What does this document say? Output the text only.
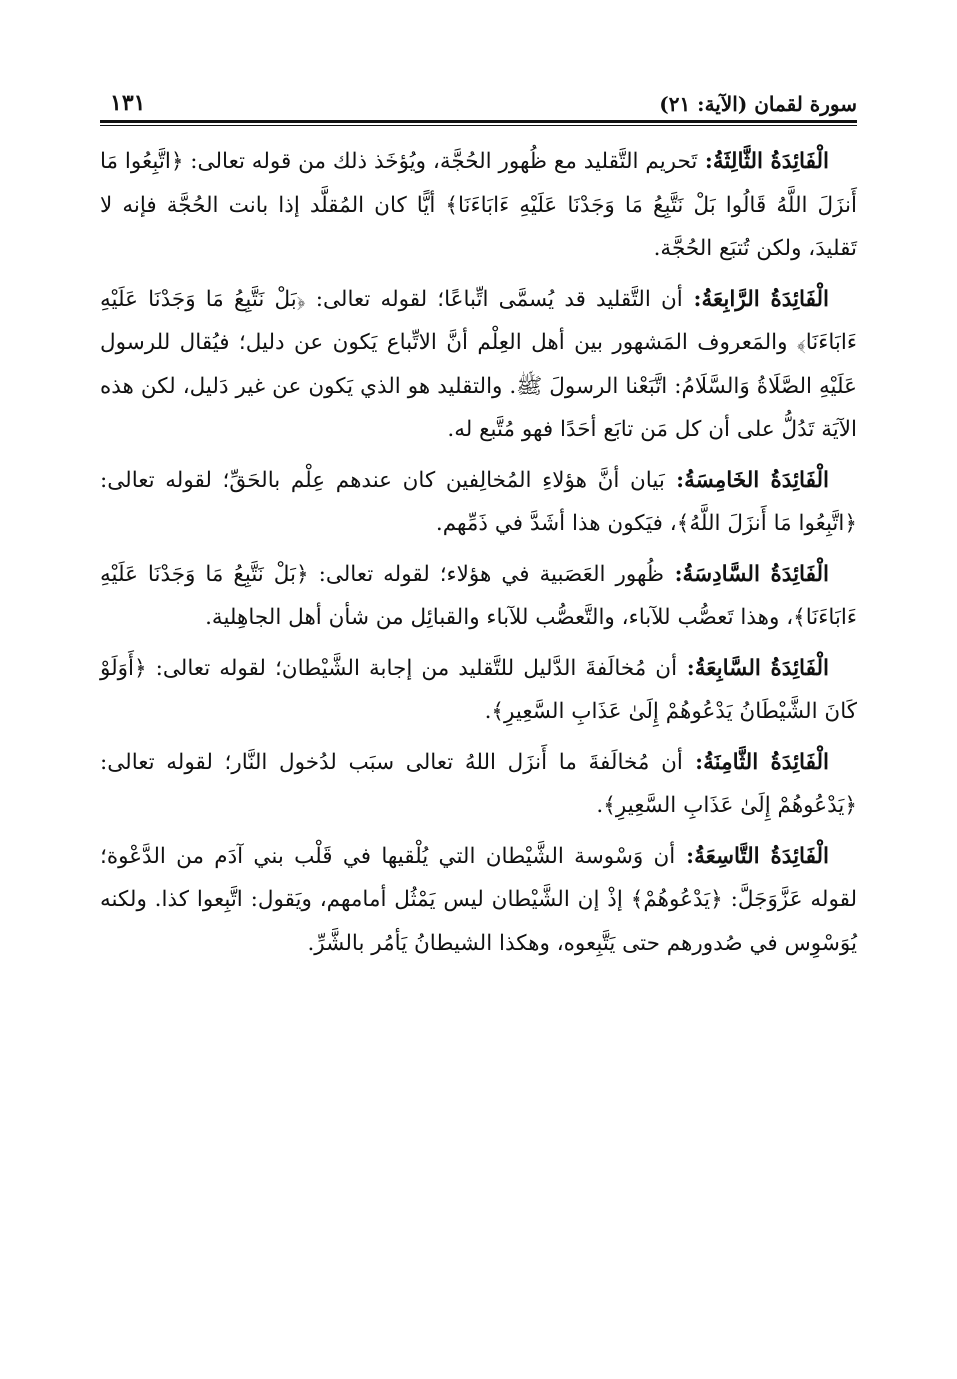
سورة لقمان (الآية: ٢١)
١٣١

الْفَائِدَةُ الثَّالِثَةُ: تَحريم التَّقليد مع ظُهور الحُجَّة، ويُؤخَذ ذلك من قوله تعالى: ﴿اتَّبِعُوا مَا أَنزَلَ اللَّهُ قَالُوا بَلْ نَتَّبِعُ مَا وَجَدْنَا عَلَيْهِ ءَابَاءَنَا﴾ أيًّا كان المُقلَّد إذا بانت الحُجَّة فإنه لا تَقليدَ، ولكن تُتبَع الحُجَّة.

الْفَائِدَةُ الرَّابِعَةُ: أن التَّقليد قد يُسمَّى اتِّباعًا؛ لقوله تعالى: ﴿بَلْ نَتَّبِعُ مَا وَجَدْنَا عَلَيْهِ ءَابَاءَنَا﴾ والمَعروف المَشهور بين أهل العِلْم أنَّ الاتِّباع يَكون عن دليل؛ فيُقال للرسول عَلَيْهِ الصَّلَاةُ وَالسَّلَامُ: اتَّبَعْنا الرسولَ ﷺ. والتقليد هو الذي يَكون عن غير دَليل، لكن هذه الآيَة تَدُلُّ على أن كل مَن تابَع أحَدًا فهو مُتَّبع له.

الْفَائِدَةُ الخَامِسَةُ: بَيان أنَّ هؤلاءِ المُخالِفين كان عندهم عِلْم بالحَقِّ؛ لقوله تعالى: ﴿اتَّبِعُوا مَا أَنزَلَ اللَّهُ﴾، فيَكون هذا أشَدَّ في ذَمِّهم.

الْفَائِدَةُ السَّادِسَةُ: ظُهور العَصَبية في هؤلاء؛ لقوله تعالى: ﴿بَلْ نَتَّبِعُ مَا وَجَدْنَا عَلَيْهِ ءَابَاءَنَا﴾، وهذا تَعصُّب للآباء، والتَّعصُّب للآباء والقبائِل من شأن أهل الجاهِلية.

الْفَائِدَةُ السَّابِعَةُ: أن مُخالَفةَ الدَّليل للتَّقليد من إجابة الشَّيْطان؛ لقوله تعالى: ﴿أَوَلَوْ كَانَ الشَّيْطَانُ يَدْعُوهُمْ إِلَىٰ عَذَابِ السَّعِيرِ﴾.

الْفَائِدَةُ الثَّامِنَةُ: أن مُخالَفةَ ما أَنزَل اللهُ تعالى سبَب لدُخول النَّار؛ لقوله تعالى: ﴿يَدْعُوهُمْ إِلَىٰ عَذَابِ السَّعِيرِ﴾.

الْفَائِدَةُ التَّاسِعَةُ: أن وَسْوسة الشَّيْطان التي يُلْقيها في قَلْب بني آدَم من الدَّعْوة؛ لقوله عَزَّوَجَلَّ: ﴿يَدْعُوهُمْ﴾ إذْ إن الشَّيْطان ليس يَمْثُل أمامهم، ويَقول: اتَّبِعوا كذا. ولكنه يُوَسْوِس في صُدورهم حتى يَتَّبِعوه، وهكذا الشيطانُ يَأمُر بالشَّرِّ.
